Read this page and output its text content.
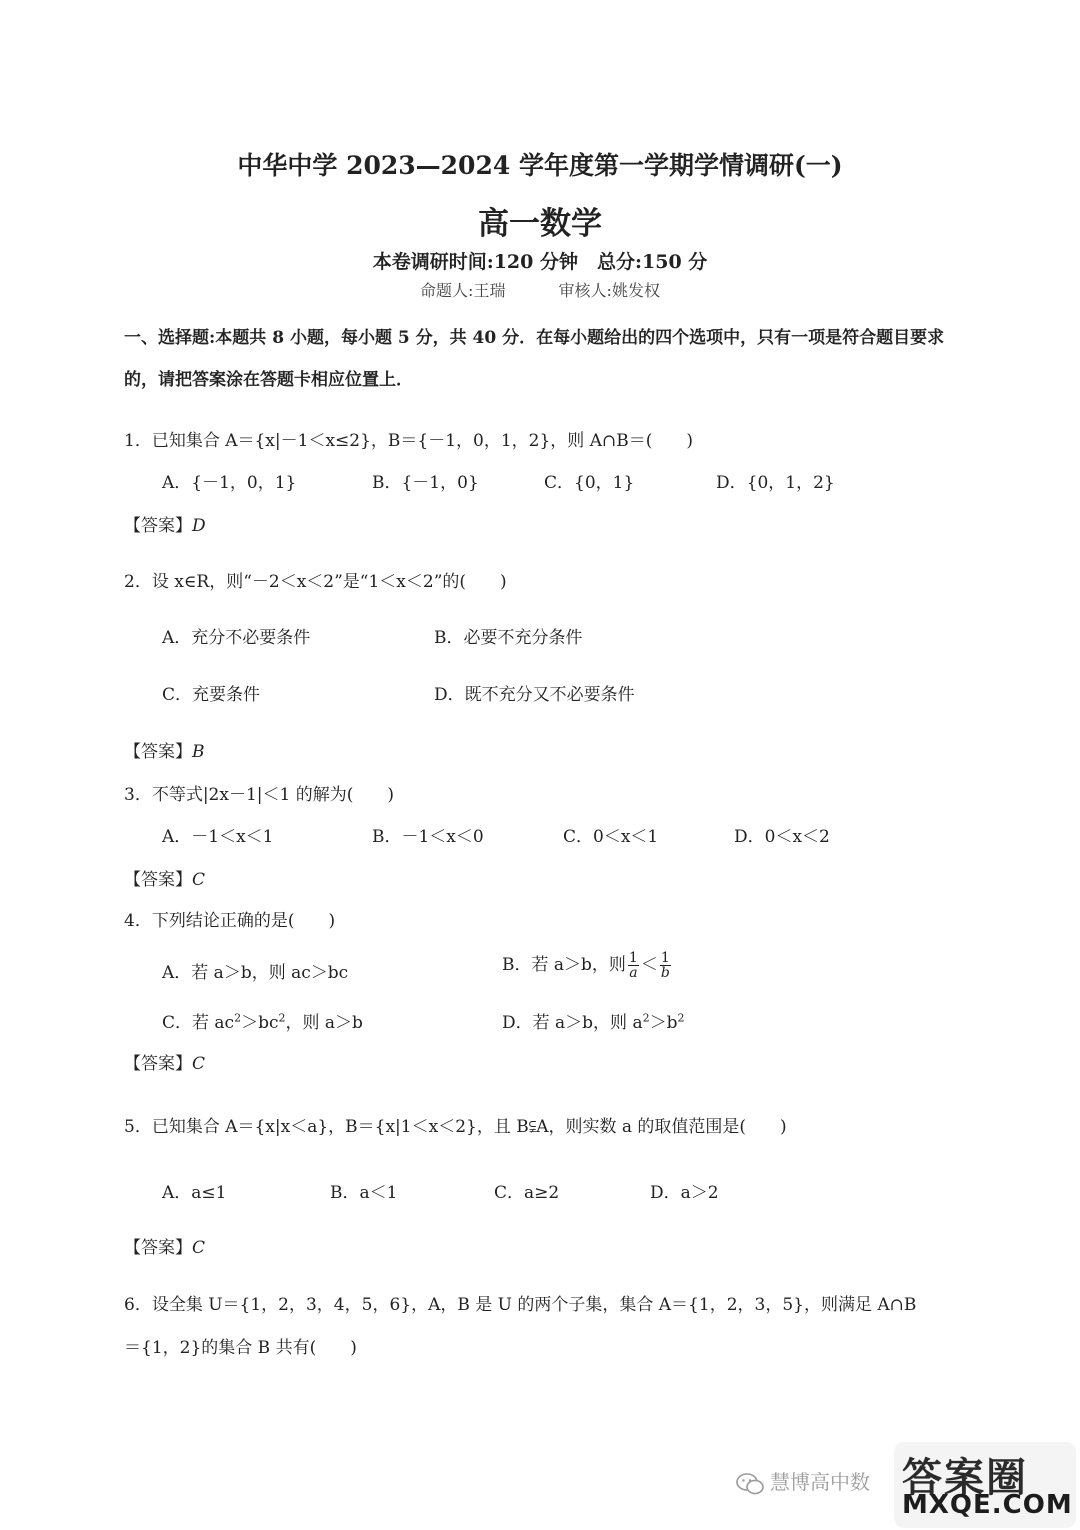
中华中学 2023—2024 学年度第一学期学情调研(一)
高一数学
本卷调研时间:120 分钟　总分:150 分
命题人:王瑞	审核人:姚发权
一、选择题:本题共 8 小题，每小题 5 分，共 40 分．在每小题给出的四个选项中，只有一项是符合题目要求的，请把答案涂在答题卡相应位置上．
1．已知集合 A＝{x|－1＜x≤2}，B＝{－1，0，1，2}，则 A∩B＝(　　)
A．{－1，0，1}	B．{－1，0}	C．{0，1}	D．{0，1，2}
【答案】D
2．设 x∈R，则“－2＜x＜2”是“1＜x＜2”的(　　)
A．充分不必要条件	B．必要不充分条件
C．充要条件	D．既不充分又不必要条件
【答案】B
3．不等式|2x－1|＜1 的解为(　　)
A．－1＜x＜1	B．－1＜x＜0	C．0＜x＜1	D．0＜x＜2
【答案】C
4．下列结论正确的是(　　)
A．若 a＞b，则 ac＞bc	B．若 a＞b，则 $\frac{1}{a} < \frac{1}{b}$
C．若 $ac^2>bc^2$，则 a＞b	D．若 a＞b，则 $a^2>b^2$
【答案】C
5．已知集合 A＝{x|x＜a}，B＝{x|1＜x＜2}，且 B⫋A，则实数 a 的取值范围是(　　)
A．a≤1	B．a＜1	C．a≥2	D．a＞2
【答案】C
6．设全集 U＝{1，2，3，4，5，6}，A，B 是 U 的两个子集，集合 A＝{1，2，3，5}，则满足 A∩B
＝{1，2}的集合 B 共有(　　)
慧博高中数 答案圈
MXQE.COM
